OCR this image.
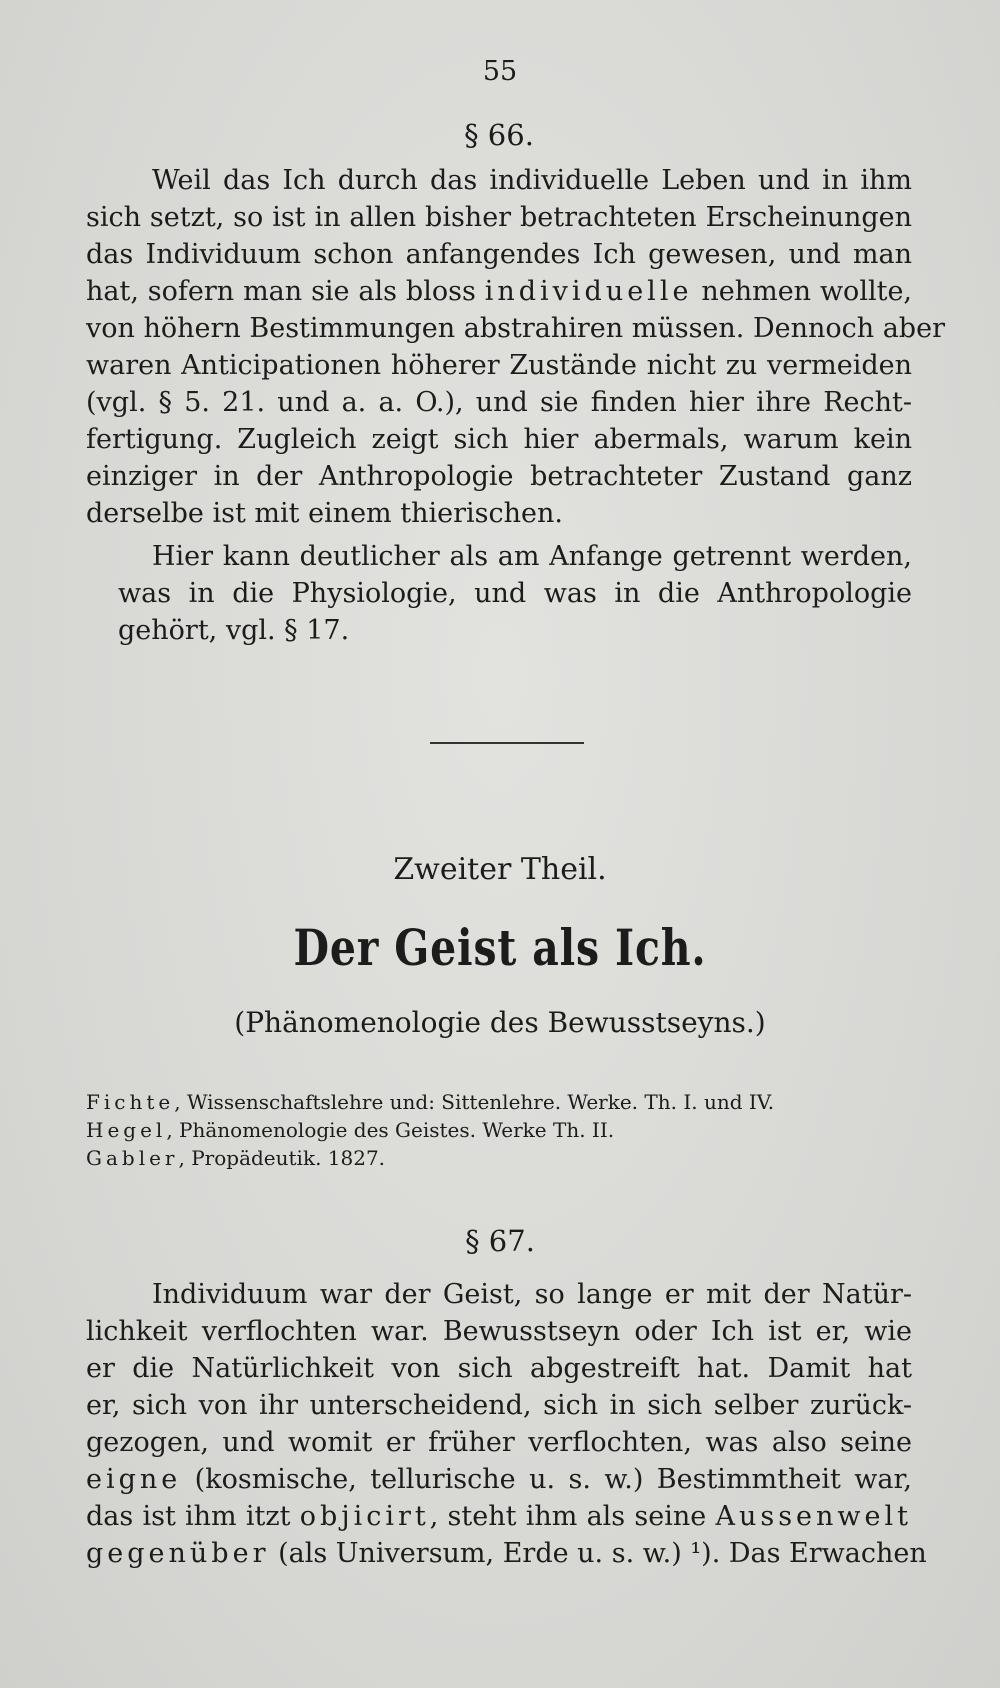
55
§ 66.
Weil das Ich durch das individuelle Leben und in ihm
sich setzt, so ist in allen bisher betrachteten Erscheinungen
das Individuum schon anfangendes Ich gewesen, und man
hat, sofern man sie als bloss individuelle nehmen wollte,
von höhern Bestimmungen abstrahiren müssen. Dennoch aber
waren Anticipationen höherer Zustände nicht zu vermeiden
(vgl. § 5. 21. und a. a. O.), und sie finden hier ihre Recht-
fertigung. Zugleich zeigt sich hier abermals, warum kein
einziger in der Anthropologie betrachteter Zustand ganz
derselbe ist mit einem thierischen.
Hier kann deutlicher als am Anfange getrennt werden,
was in die Physiologie, und was in die Anthropologie
gehört, vgl. § 17.
Zweiter Theil.
Der Geist als Ich.
(Phänomenologie des Bewusstseyns.)
Fichte, Wissenschaftslehre und: Sittenlehre. Werke. Th. I. und IV.
Hegel, Phänomenologie des Geistes. Werke Th. II.
Gabler, Propädeutik. 1827.
§ 67.
Individuum war der Geist, so lange er mit der Natür-
lichkeit verflochten war. Bewusstseyn oder Ich ist er, wie
er die Natürlichkeit von sich abgestreift hat. Damit hat
er, sich von ihr unterscheidend, sich in sich selber zurück-
gezogen, und womit er früher verflochten, was also seine
eigne (kosmische, tellurische u. s. w.) Bestimmtheit war,
das ist ihm itzt objicirt, steht ihm als seine Aussenwelt
gegenüber (als Universum, Erde u. s. w.) ¹). Das Erwachen
